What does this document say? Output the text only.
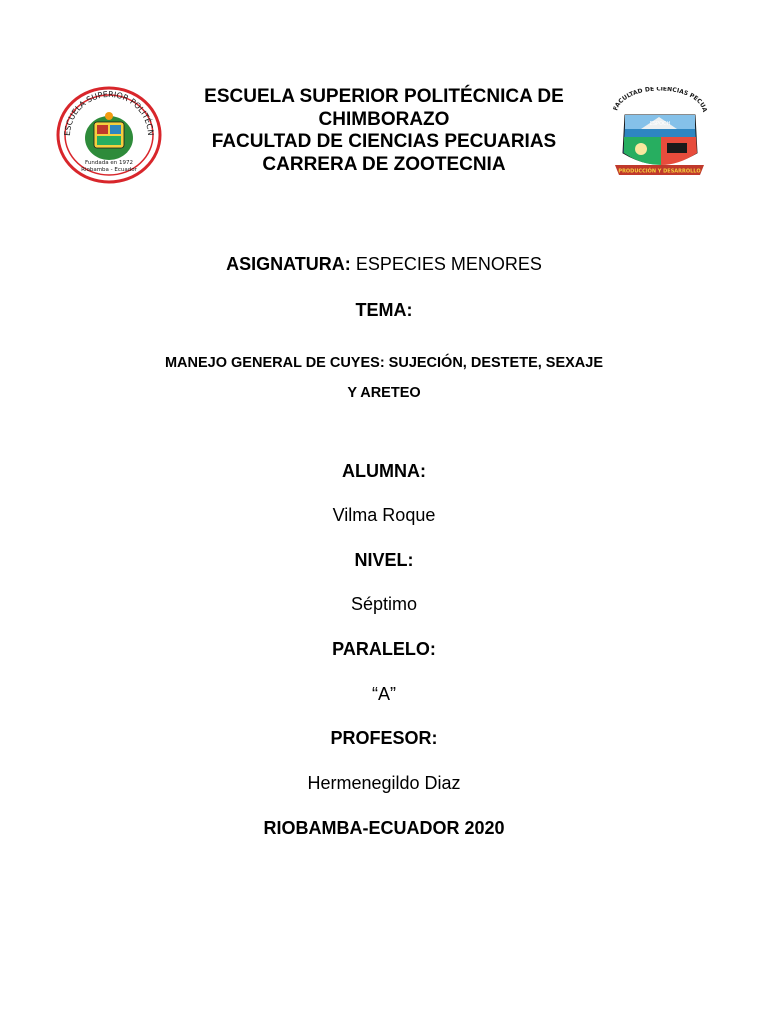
ESCUELA SUPERIOR POLITÉCN
Fundada en 1972
Riobamba - Ecuador
FACULTAD DE CIENCIAS PECUA
ESPOCH
PRODUCCIÓN Y DESARROLLO
ESCUELA SUPERIOR POLITÉCNICA DE
CHIMBORAZO
FACULTAD DE CIENCIAS PECUARIAS
CARRERA DE ZOOTECNIA
ASIGNATURA: ESPECIES MENORES
TEMA:
MANEJO GENERAL DE CUYES: SUJECIÓN, DESTETE, SEXAJE
Y ARETEO
ALUMNA:
Vilma Roque
NIVEL:
Séptimo
PARALELO:
“A”
PROFESOR:
Hermenegildo Diaz
RIOBAMBA-ECUADOR 2020
